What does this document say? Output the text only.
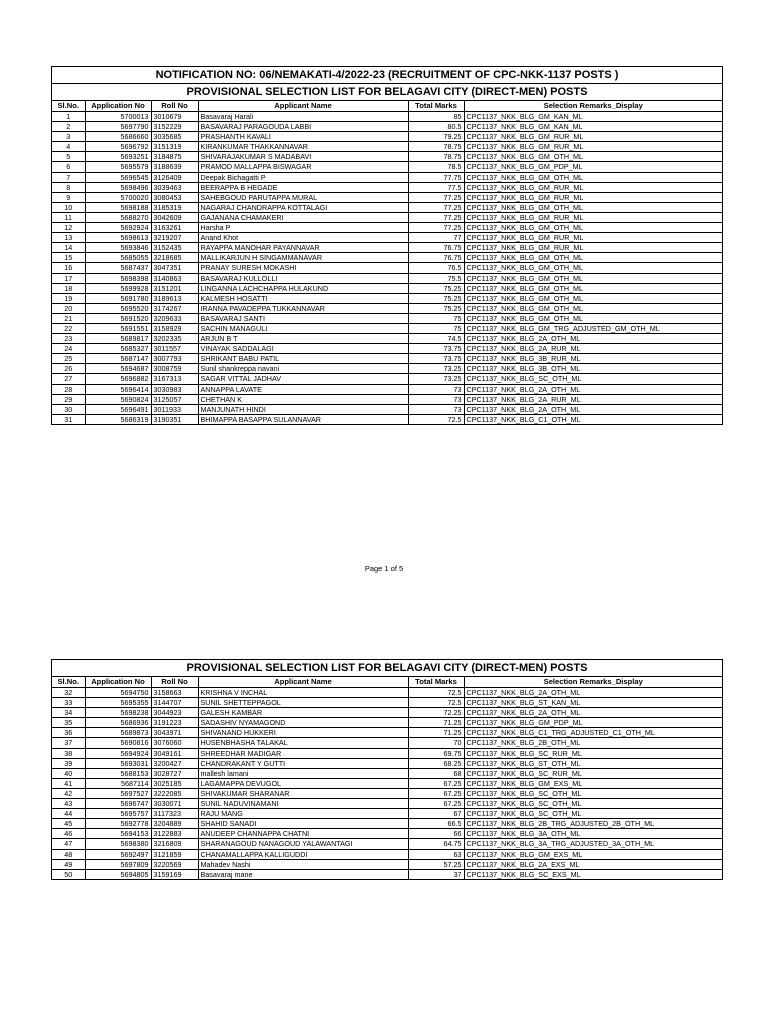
NOTIFICATION NO: 06/NEMAKATI-4/2022-23 (RECRUITMENT OF CPC-NKK-1137 POSTS )
PROVISIONAL SELECTION LIST FOR BELAGAVI CITY (DIRECT-MEN) POSTS
Sl.No.	Application No	Roll No	Applicant Name	Total Marks	Selection Remarks_Display
1	5700013	3010679	Basavaraj Harali	85	CPC1137_NKK_BLG_GM_KAN_ML
2	5697790	3152229	BASAVARAJ PARAGOUDA LABBI	80.5	CPC1137_NKK_BLG_GM_KAN_ML
3	5686660	3035685	PRASHANTH KAVALI	79.25	CPC1137_NKK_BLG_GM_RUR_ML
4	5696792	3151319	KIRANKUMAR THAKKANNAVAR	78.75	CPC1137_NKK_BLG_GM_RUR_ML
5	5693251	3184875	SHIVARAJAKUMAR S MADABAVI	78.75	CPC1137_NKK_BLG_GM_OTH_ML
6	5695579	3188639	PRAMOD MALLAPPA BISWAGAR	78.5	CPC1137_NKK_BLG_GM_PDP_ML
7	5696545	3126409	Deepak Bichagatti P	77.75	CPC1137_NKK_BLG_GM_OTH_ML
8	5698496	3039463	BEERAPPA B HEGADE	77.5	CPC1137_NKK_BLG_GM_RUR_ML
9	5700020	3080453	SAHEBGOUD PARUTAPPA MURAL	77.25	CPC1137_NKK_BLG_GM_RUR_ML
10	5698188	3185319	NAGARAJ CHANDRAPPA KOTTALAGI	77.25	CPC1137_NKK_BLG_GM_OTH_ML
11	5688270	3042609	GAJANANA CHAMAKERI	77.25	CPC1137_NKK_BLG_GM_RUR_ML
12	5692924	3163261	Harsha P	77.25	CPC1137_NKK_BLG_GM_OTH_ML
13	5698613	3219207	Anand Khot	77	CPC1137_NKK_BLG_GM_RUR_ML
14	5693846	3152435	RAYAPPA MANOHAR PAYANNAVAR	76.75	CPC1137_NKK_BLG_GM_RUR_ML
15	5685055	3218685	MALLIKARJUN H SINGAMMANAVAR	76.75	CPC1137_NKK_BLG_GM_OTH_ML
16	5687437	3047351	PRANAY SURESH MOKASHI	76.5	CPC1137_NKK_BLG_GM_OTH_ML
17	5698398	3140863	BASAVARAJ KULLOLLI	75.5	CPC1137_NKK_BLG_GM_OTH_ML
18	5699928	3151201	LINGANNA LACHCHAPPA HULAKUND	75.25	CPC1137_NKK_BLG_GM_OTH_ML
19	5691780	3189613	KALMESH HOSATTI	75.25	CPC1137_NKK_BLG_GM_OTH_ML
20	5695520	3174267	IRANNA PAVADEPPA TUKKANNAVAR	75.25	CPC1137_NKK_BLG_GM_OTH_ML
21	5691520	3209633	BASAVARAJ SANTI	75	CPC1137_NKK_BLG_GM_OTH_ML
22	5691551	3158929	SACHIN MANAGULI	75	CPC1137_NKK_BLG_GM_TRG_ADJUSTED_GM_OTH_ML
23	5689817	3202335	ARJUN B T	74.5	CPC1137_NKK_BLG_2A_OTH_ML
24	5685327	3011557	VINAYAK SADDALAGI	73.75	CPC1137_NKK_BLG_2A_RUR_ML
25	5687147	3007793	SHRIKANT BABU PATIL	73.75	CPC1137_NKK_BLG_3B_RUR_ML
26	5694687	3008759	Sunil shankreppa navani	73.25	CPC1137_NKK_BLG_3B_OTH_ML
27	5696882	3167313	SAGAR VITTAL JADHAV	73.25	CPC1137_NKK_BLG_SC_OTH_ML
28	5696414	3030983	ANNAPPA LAVATE	73	CPC1137_NKK_BLG_2A_OTH_ML
29	5690824	3125057	CHETHAN K	73	CPC1137_NKK_BLG_2A_RUR_ML
30	5696491	3011933	MANJUNATH HINDI	73	CPC1137_NKK_BLG_2A_OTH_ML
31	5686319	3190351	BHIMAPPA BASAPPA SULANNAVAR	72.5	CPC1137_NKK_BLG_C1_OTH_ML
Page 1 of 5
PROVISIONAL SELECTION LIST FOR BELAGAVI CITY (DIRECT-MEN) POSTS
Sl.No.	Application No	Roll No	Applicant Name	Total Marks	Selection Remarks_Display
32	5694750	3158663	KRISHNA V INCHAL	72.5	CPC1137_NKK_BLG_2A_OTH_ML
33	5695355	3144707	SUNIL SHETTEPPAGOL	72.5	CPC1137_NKK_BLG_ST_KAN_ML
34	5698238	3044923	GALESH KAMBAR	72.25	CPC1137_NKK_BLG_2A_OTH_ML
35	5686936	3191223	SADASHIV NYAMAGOND	71.25	CPC1137_NKK_BLG_GM_PDP_ML
36	5689873	3043971	SHIVANAND HUKKERI	71.25	CPC1137_NKK_BLG_C1_TRG_ADJUSTED_C1_OTH_ML
37	5690816	3076060	HUSENBHASHA TALAKAL	70	CPC1137_NKK_BLG_2B_OTH_ML
38	5694924	3049161	SHREEDHAR MADIGAR	69.75	CPC1137_NKK_BLG_SC_RUR_ML
39	5693031	3200427	CHANDRAKANT Y GUTTI	68.25	CPC1137_NKK_BLG_ST_OTH_ML
40	5688153	3028727	mallesh lamani	68	CPC1137_NKK_BLG_SC_RUR_ML
41	5687114	3025185	LAGAMAPPA DEVUGOL	67.25	CPC1137_NKK_BLG_GM_EXS_ML
42	5697527	3222085	SHIVAKUMAR SHARANAR	67.25	CPC1137_NKK_BLG_SC_OTH_ML
43	5696747	3030071	SUNIL NADUVINAMANI	67.25	CPC1137_NKK_BLG_SC_OTH_ML
44	5695757	3117323	RAJU MANG	67	CPC1137_NKK_BLG_SC_OTH_ML
45	5692778	3204889	SHAHID SANADI	66.5	CPC1137_NKK_BLG_2B_TRG_ADJUSTED_2B_OTH_ML
46	5694153	3122883	ANUDEEP CHANNAPPA CHATNI	66	CPC1137_NKK_BLG_3A_OTH_ML
47	5698380	3216809	SHARANAGOUD NANAGOUD YALAWANTAGI	64.75	CPC1137_NKK_BLG_3A_TRG_ADJUSTED_3A_OTH_ML
48	5692497	3121859	CHANAMALLAPPA KALLIGUDDI	63	CPC1137_NKK_BLG_GM_EXS_ML
49	5697809	3220569	Mahadev Nashi	57.25	CPC1137_NKK_BLG_2A_EXS_ML
50	5694805	3159169	Basavaraj mane	37	CPC1137_NKK_BLG_SC_EXS_ML
